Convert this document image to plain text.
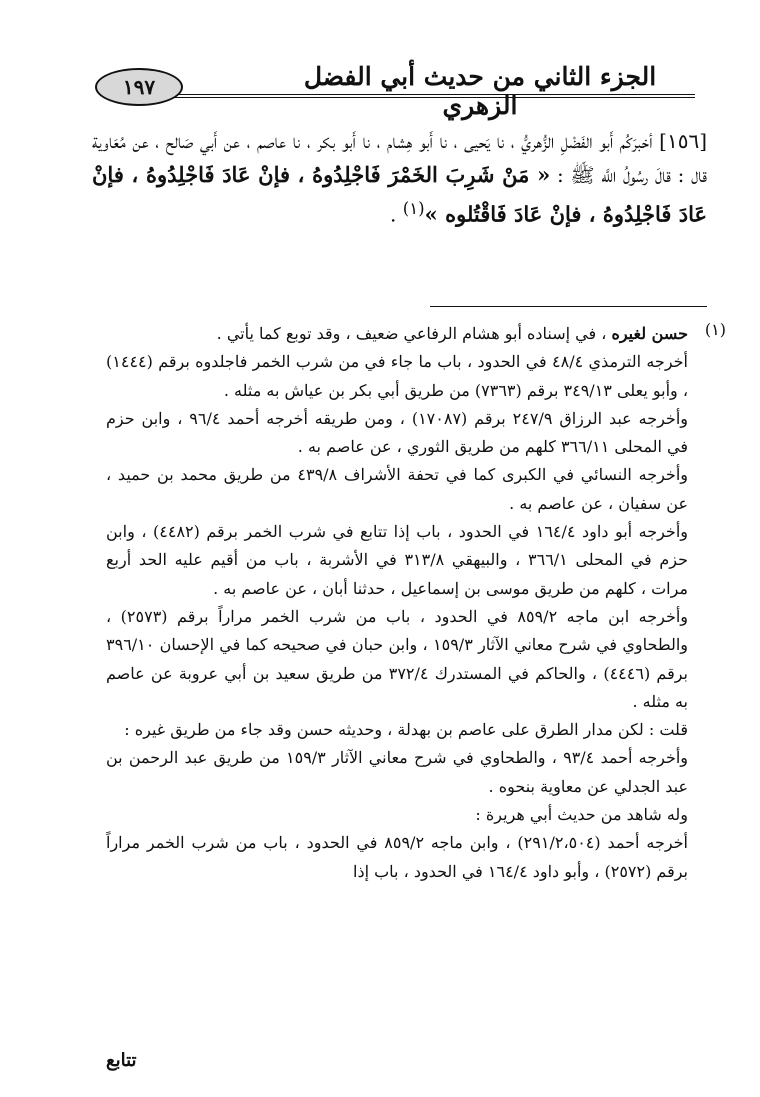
الجزء الثاني من حديث أبي الفضل الزهري
١٩٧
[١٥٦] أخبرَكُم أَبو الفَضْلِ الزُّهريُّ ، نا يَحيى ، نا أَبو هِشام ، نا أَبو بكر ، نا عاصم ، عن أَبي صَالح ، عن مُعَاوية قال : قالَ رسُولُ اللَّه ﷺ : « مَنْ شَرِبَ الخَمْرَ فَاجْلِدُوهُ ، فإنْ عَادَ فَاجْلِدُوهُ ، فإنْ عَادَ فَاجْلِدُوهُ ، فإنْ عَادَ فَاقْتُلوه »$^{(١)}$ .
(١)

حسن لغيره ، في إسناده أبو هشام الرفاعي ضعيف ، وقد توبع كما يأتي .

أخرجه الترمذي ٤٨/٤ في الحدود ، باب ما جاء في من شرب الخمر فاجلدوه برقم (١٤٤٤) ، وأبو يعلى ٣٤٩/١٣ برقم (٧٣٦٣) من طريق أبي بكر بن عياش به مثله .

وأخرجه عبد الرزاق ٢٤٧/٩ برقم (١٧٠٨٧) ، ومن طريقه أخرجه أحمد ٩٦/٤ ، وابن حزم في المحلى ٣٦٦/١١ كلهم من طريق الثوري ، عن عاصم به .

وأخرجه النسائي في الكبرى كما في تحفة الأشراف ٤٣٩/٨ من طريق محمد بن حميد ، عن سفيان ، عن عاصم به .

وأخرجه أبو داود ١٦٤/٤ في الحدود ، باب إذا تتابع في شرب الخمر برقم (٤٤٨٢) ، وابن حزم في المحلى ٣٦٦/١ ، والبيهقي ٣١٣/٨ في الأشربة ، باب من أقيم عليه الحد أربع مرات ، كلهم من طريق موسى بن إسماعيل ، حدثنا أبان ، عن عاصم به .

وأخرجه ابن ماجه ٨٥٩/٢ في الحدود ، باب من شرب الخمر مراراً برقم (٢٥٧٣) ، والطحاوي في شرح معاني الآثار ١٥٩/٣ ، وابن حبان في صحيحه كما في الإحسان ٣٩٦/١٠ برقم (٤٤٤٦) ، والحاكم في المستدرك ٣٧٢/٤ من طريق سعيد بن أبي عروبة عن عاصم به مثله .

قلت : لكن مدار الطرق على عاصم بن بهدلة ، وحديثه حسن وقد جاء من طريق غيره :

وأخرجه أحمد ٩٣/٤ ، والطحاوي في شرح معاني الآثار ١٥٩/٣ من طريق عبد الرحمن بن عبد الجدلي عن معاوية بنحوه .

وله شاهد من حديث أبي هريرة :

أخرجه أحمد (٢٩١/٢،٥٠٤) ، وابن ماجه ٨٥٩/٢ في الحدود ، باب من شرب الخمر مراراً برقم (٢٥٧٢) ، وأبو داود ١٦٤/٤ في الحدود ، باب إذا

تتابع
